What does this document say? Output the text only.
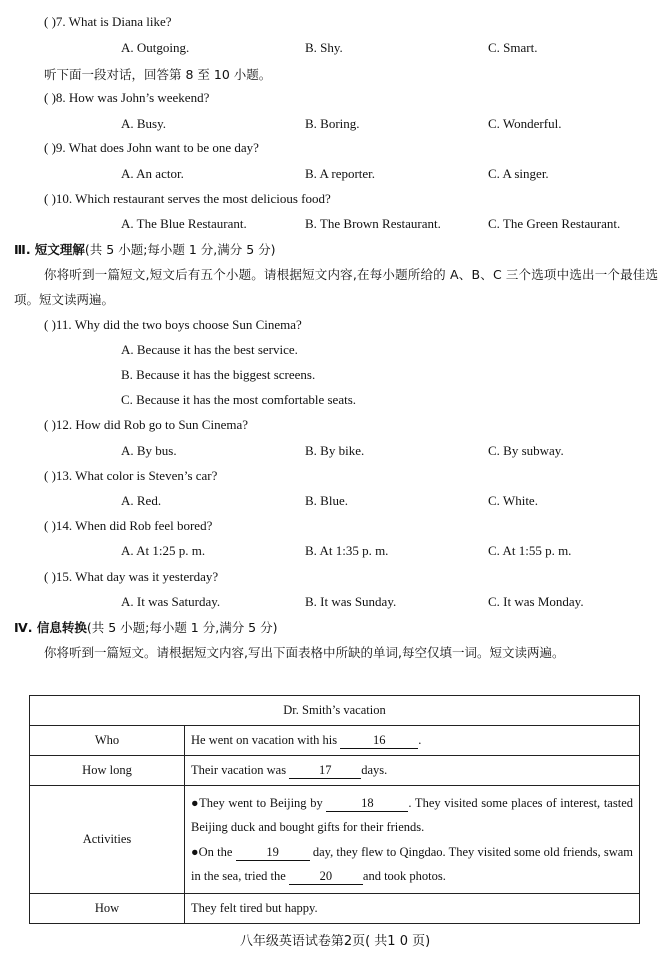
( )7. What is Diana like?
A. Outgoing.	B. Shy.	C. Smart.
听下面一段对话，回答第 8 至 10 小题。
( )8. How was John’s weekend?
A. Busy.	B. Boring.	C. Wonderful.
( )9. What does John want to be one day?
A. An actor.	B. A reporter.	C. A singer.
( )10. Which restaurant serves the most delicious food?
A. The Blue Restaurant.	B. The Brown Restaurant.	C. The Green Restaurant.
Ⅲ. 短文理解(共 5 小题;每小题 1 分,满分 5 分)
你将听到一篇短文,短文后有五个小题。请根据短文内容,在每小题所给的 A、B、C 三个选项中选出一个最佳选项。短文读两遍。
( )11. Why did the two boys choose Sun Cinema?
A. Because it has the best service.
B. Because it has the biggest screens.
C. Because it has the most comfortable seats.
( )12. How did Rob go to Sun Cinema?
A. By bus.	B. By bike.	C. By subway.
( )13. What color is Steven’s car?
A. Red.	B. Blue.	C. White.
( )14. When did Rob feel bored?
A. At 1:25 p. m.	B. At 1:35 p. m.	C. At 1:55 p. m.
( )15. What day was it yesterday?
A. It was Saturday.	B. It was Sunday.	C. It was Monday.
Ⅳ. 信息转换(共 5 小题;每小题 1 分,满分 5 分)
你将听到一篇短文。请根据短文内容,写出下面表格中所缺的单词,每空仅填一词。短文读两遍。
Dr. Smith’s vacation	
Who	He went on vacation with his 16 .
How long	Their vacation was 17 days.
Activities	●They went to Beijing by 18 . They visited some places of interest, tasted Beijing duck and bought gifts for their friends.
●On the 19 day, they flew to Qingdao. They visited some old friends, swam in the sea, tried the 20 and took photos.

How	They felt tired but happy.
八年级英语试卷第2页( 共1 0 页)
